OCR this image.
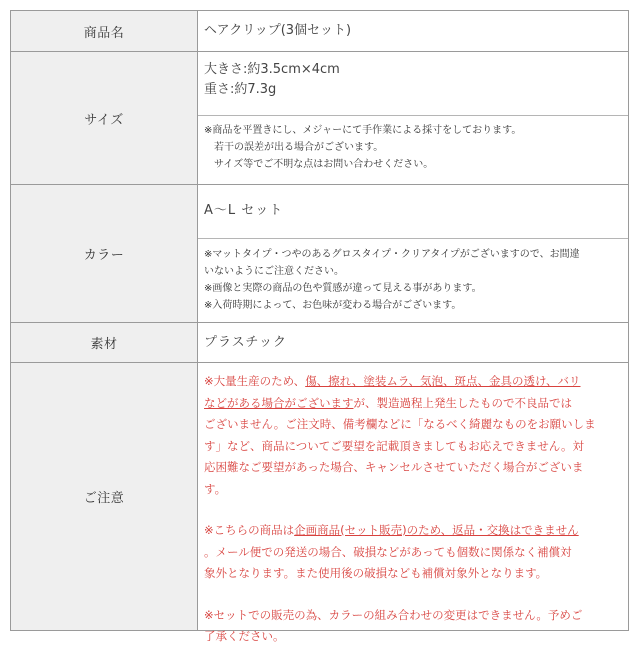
商品名	ヘアクリップ(3個セット)
サイズ
大きさ:約3.5cm×4cm
重さ:約7.3g
※商品を平置きにし、メジャーにて手作業による採寸をしております。
　若干の誤差が出る場合がございます。
　サイズ等でご不明な点はお問い合わせください。
カラー
A〜L セット
※マットタイプ・つやのあるグロスタイプ・クリアタイプがございますので、お間違
いないようにご注意ください。
※画像と実際の商品の色や質感が違って見える事があります。
※入荷時期によって、お色味が変わる場合がございます。
素材	プラスチック
ご注意
※大量生産のため、傷、擦れ、塗装ムラ、気泡、斑点、金具の透け、バリ
などがある場合がございますが、製造過程上発生したもので不良品では
ございません。ご注文時、備考欄などに「なるべく綺麗なものをお願いしま
す」など、商品についてご要望を記載頂きましてもお応えできません。対
応困難なご要望があった場合、キャンセルさせていただく場合がございま
す。
※こちらの商品は企画商品(セット販売)のため、返品・交換はできません
。メール便での発送の場合、破損などがあっても個数に関係なく補償対
象外となります。また使用後の破損なども補償対象外となります。
※セットでの販売の為、カラーの組み合わせの変更はできません。予めご
了承ください。
